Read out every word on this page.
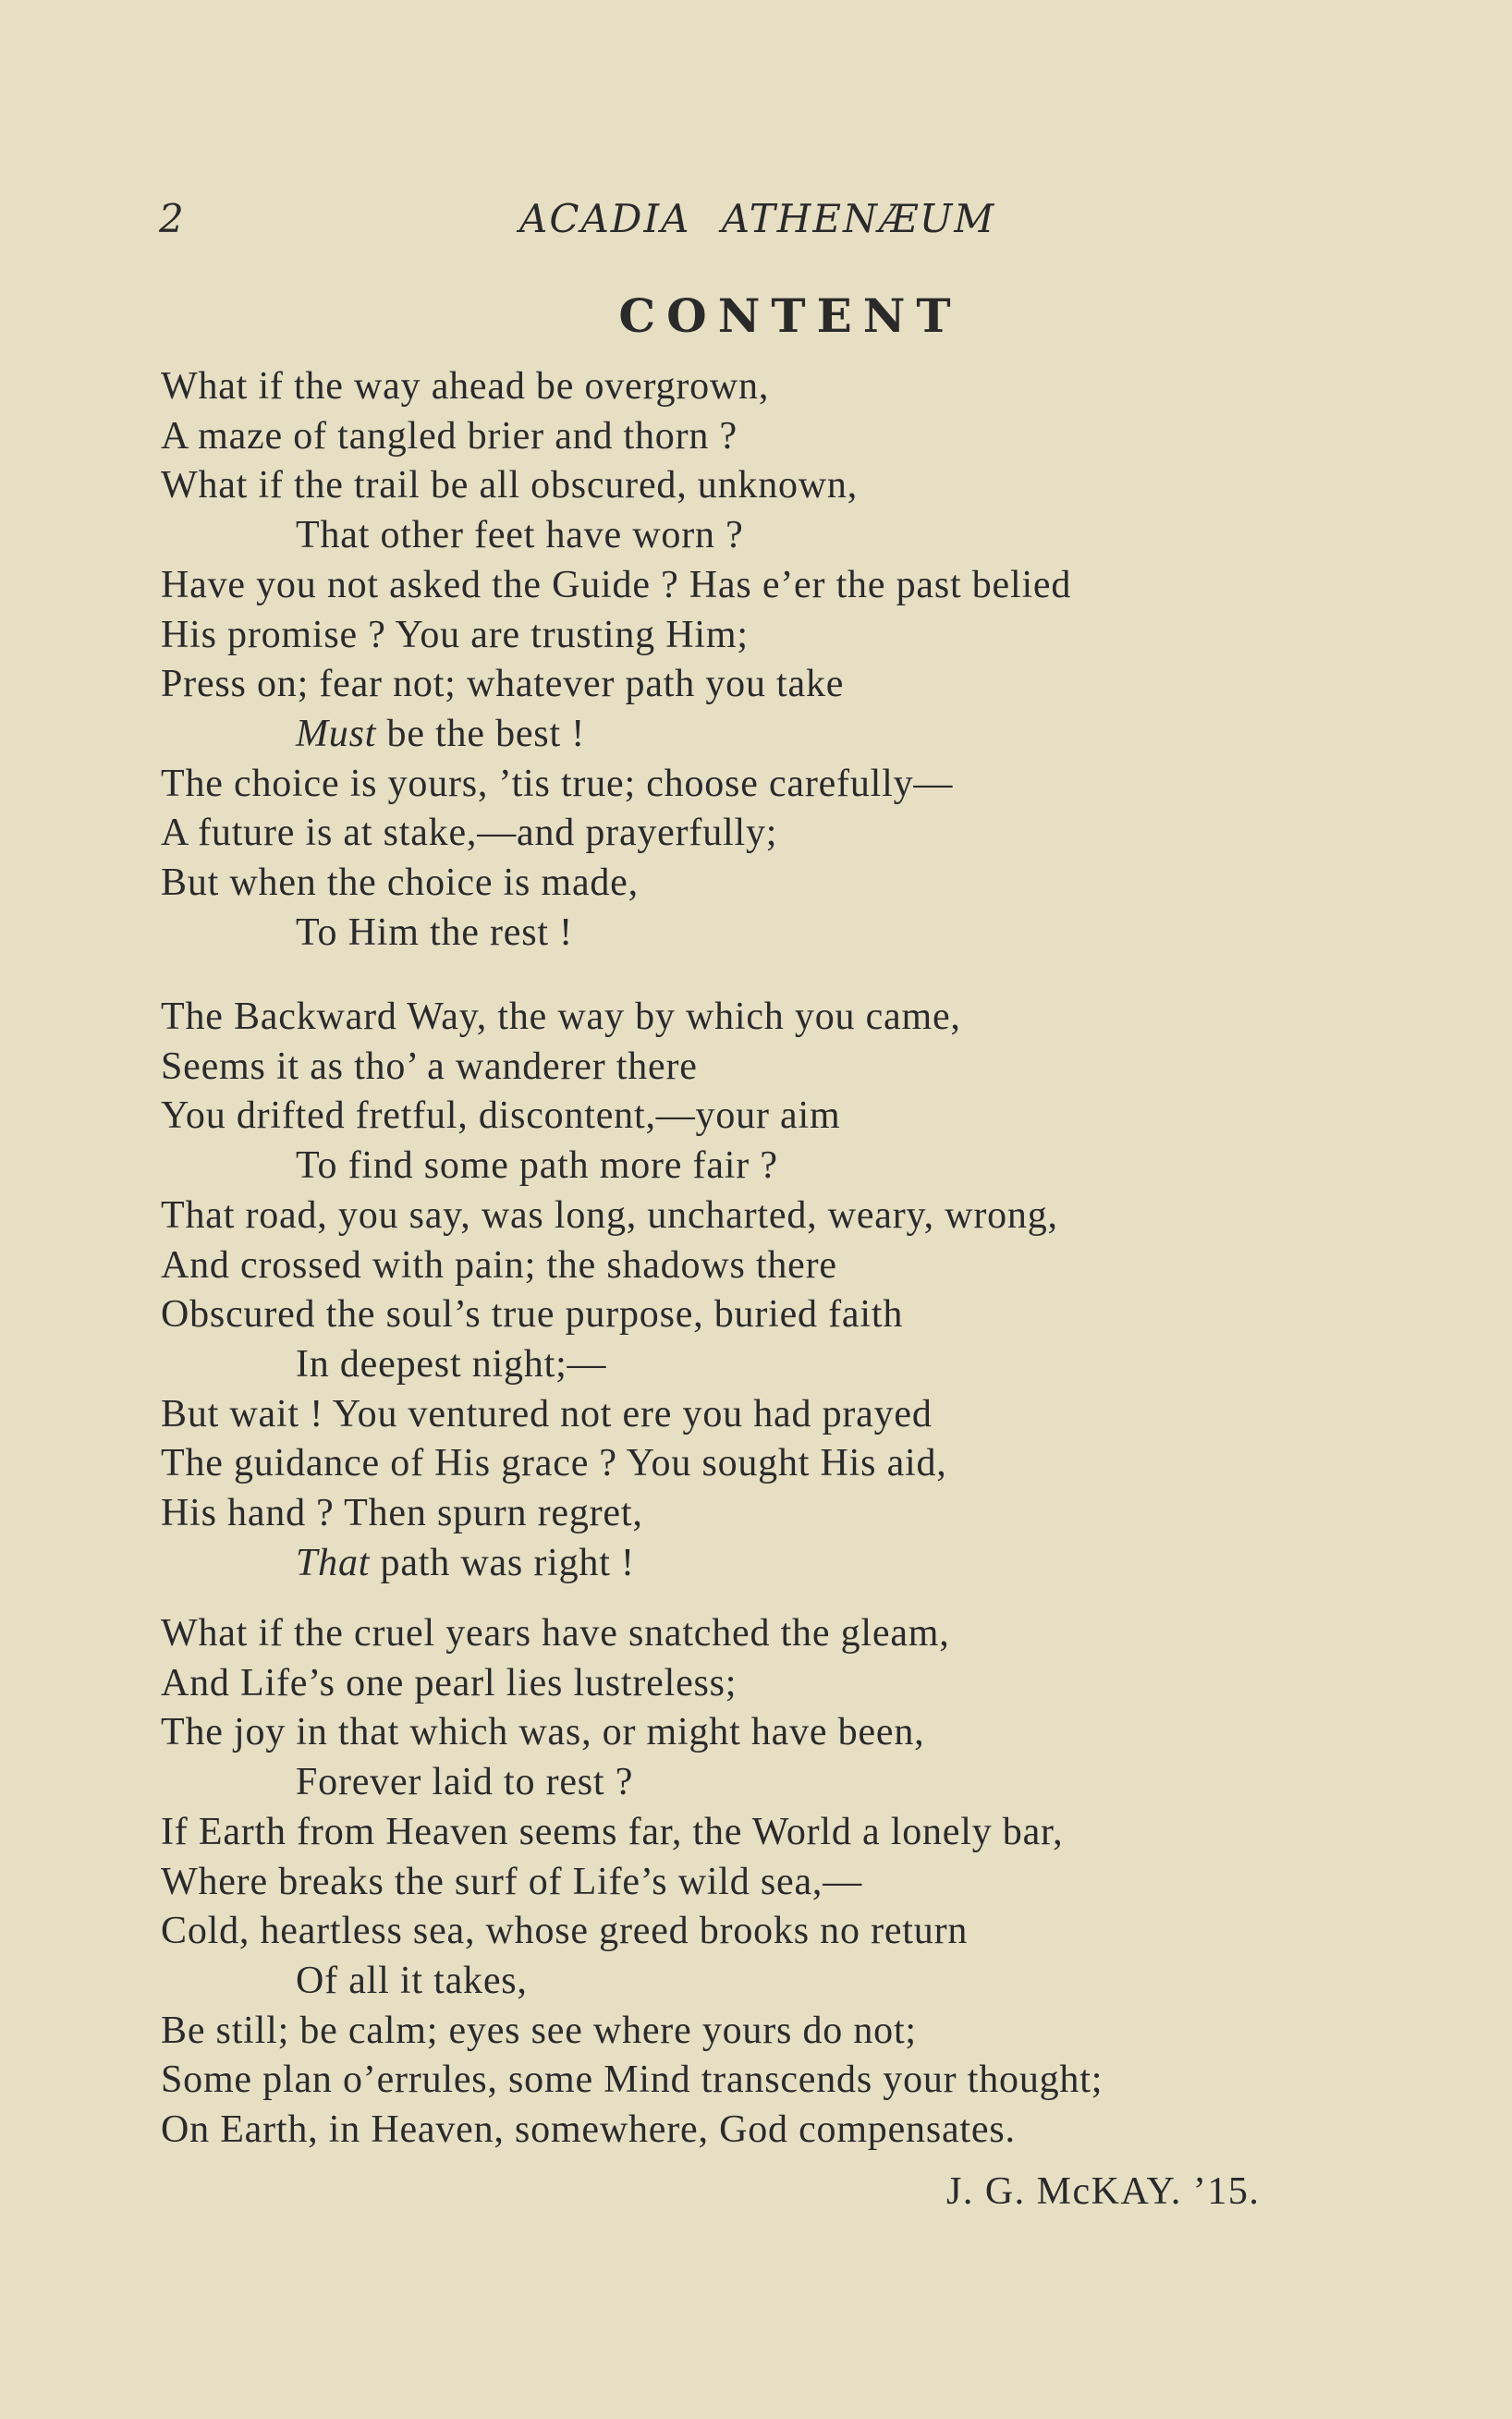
2	ACADIA ATHENÆUM
CONTENT
What if the way ahead be overgrown,
A maze of tangled brier and thorn ?
What if the trail be all obscured, unknown,
That other feet have worn ?
Have you not asked the Guide ? Has e’er the past belied
His promise ? You are trusting Him;
Press on; fear not; whatever path you take
Must be the best !
The choice is yours, ’tis true; choose carefully—
A future is at stake,—and prayerfully;
But when the choice is made,
To Him the rest !
The Backward Way, the way by which you came,
Seems it as tho’ a wanderer there
You drifted fretful, discontent,—your aim
To find some path more fair ?
That road, you say, was long, uncharted, weary, wrong,
And crossed with pain; the shadows there
Obscured the soul’s true purpose, buried faith
In deepest night;—
But wait ! You ventured not ere you had prayed
The guidance of His grace ? You sought His aid,
His hand ? Then spurn regret,
That path was right !
What if the cruel years have snatched the gleam,
And Life’s one pearl lies lustreless;
The joy in that which was, or might have been,
Forever laid to rest ?
If Earth from Heaven seems far, the World a lonely bar,
Where breaks the surf of Life’s wild sea,—
Cold, heartless sea, whose greed brooks no return
Of all it takes,
Be still; be calm; eyes see where yours do not;
Some plan o’errules, some Mind transcends your thought;
On Earth, in Heaven, somewhere, God compensates.
J. G. McKAY. ’15.
